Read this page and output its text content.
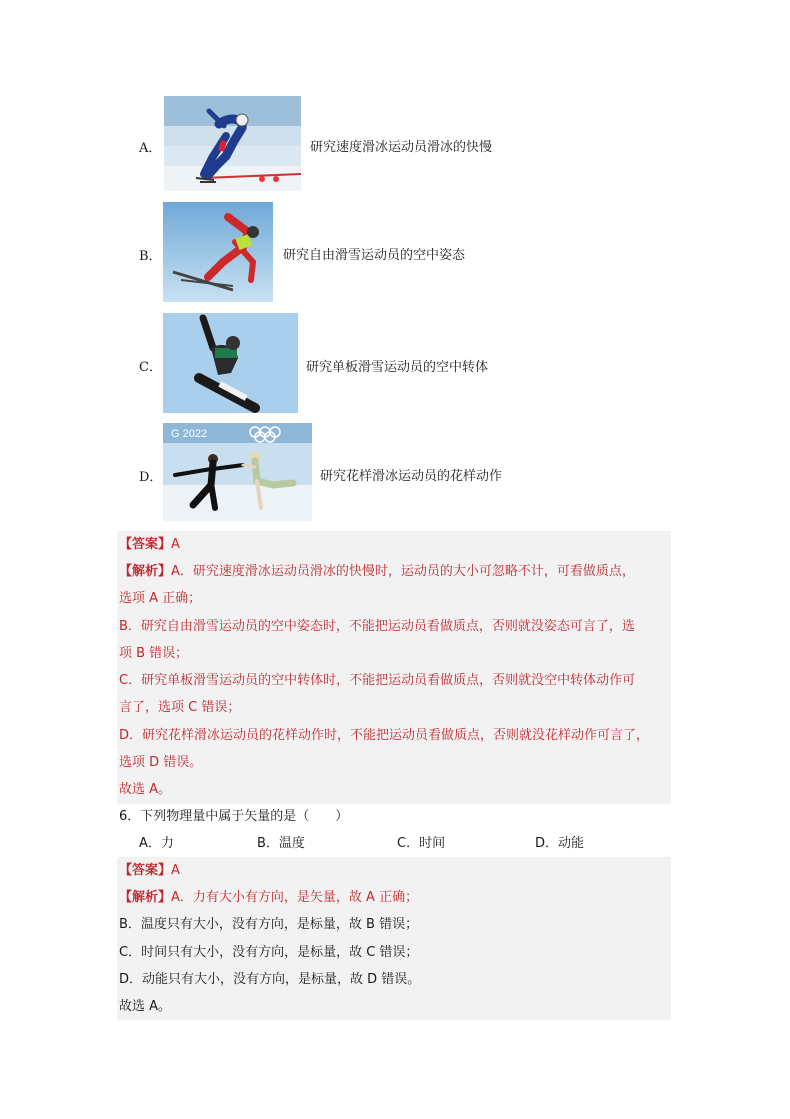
A．	研究速度滑冰运动员滑冰的快慢
B．	研究自由滑雪运动员的空中姿态
C．	研究单板滑雪运动员的空中转体
D．
G 2022
研究花样滑冰运动员的花样动作
【答案】A
【解析】A．研究速度滑冰运动员滑冰的快慢时，运动员的大小可忽略不计，可看做质点，
选项 A 正确；
B．研究自由滑雪运动员的空中姿态时，不能把运动员看做质点，否则就没姿态可言了，选
项 B 错误；
C．研究单板滑雪运动员的空中转体时，不能把运动员看做质点，否则就没空中转体动作可
言了，选项 C 错误；
D．研究花样滑冰运动员的花样动作时，不能把运动员看做质点，否则就没花样动作可言了，
选项 D 错误。
故选 A。
6．下列物理量中属于矢量的是（　　）
A．力	B．温度	C．时间	D．动能
【答案】A
【解析】A．力有大小有方向，是矢量，故 A 正确；
B．温度只有大小，没有方向，是标量，故 B 错误；
C．时间只有大小，没有方向，是标量，故 C 错误；
D．动能只有大小，没有方向，是标量，故 D 错误。
故选 A。
